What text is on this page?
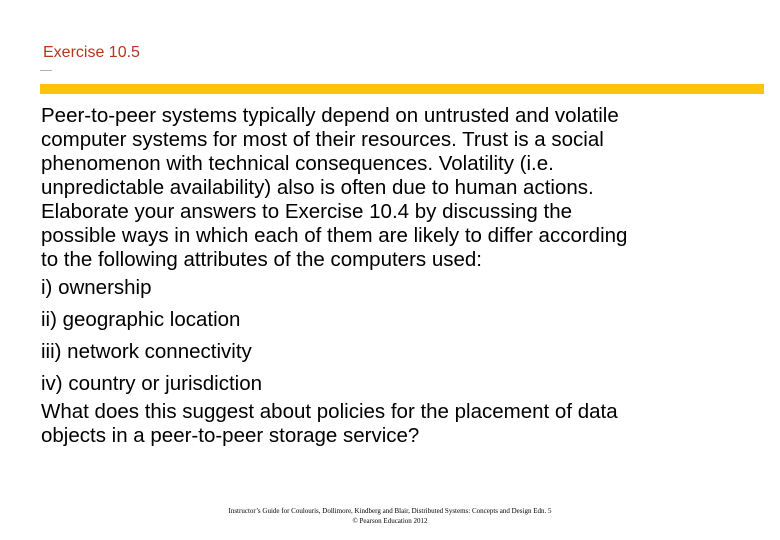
Exercise 10.5
Peer-to-peer systems typically depend on untrusted and volatile
computer systems for most of their resources. Trust is a social
phenomenon with technical consequences. Volatility (i.e.
unpredictable availability) also is often due to human actions.
Elaborate your answers to Exercise 10.4 by discussing the
possible ways in which each of them are likely to differ according
to the following attributes of the computers used:
i) ownership
ii) geographic location
iii) network connectivity
iv) country or jurisdiction
What does this suggest about policies for the placement of data
objects in a peer-to-peer storage service?
Instructor’s Guide for Coulouris, Dollimore, Kindberg and Blair, Distributed Systems: Concepts and Design Edn. 5
© Pearson Education 2012
